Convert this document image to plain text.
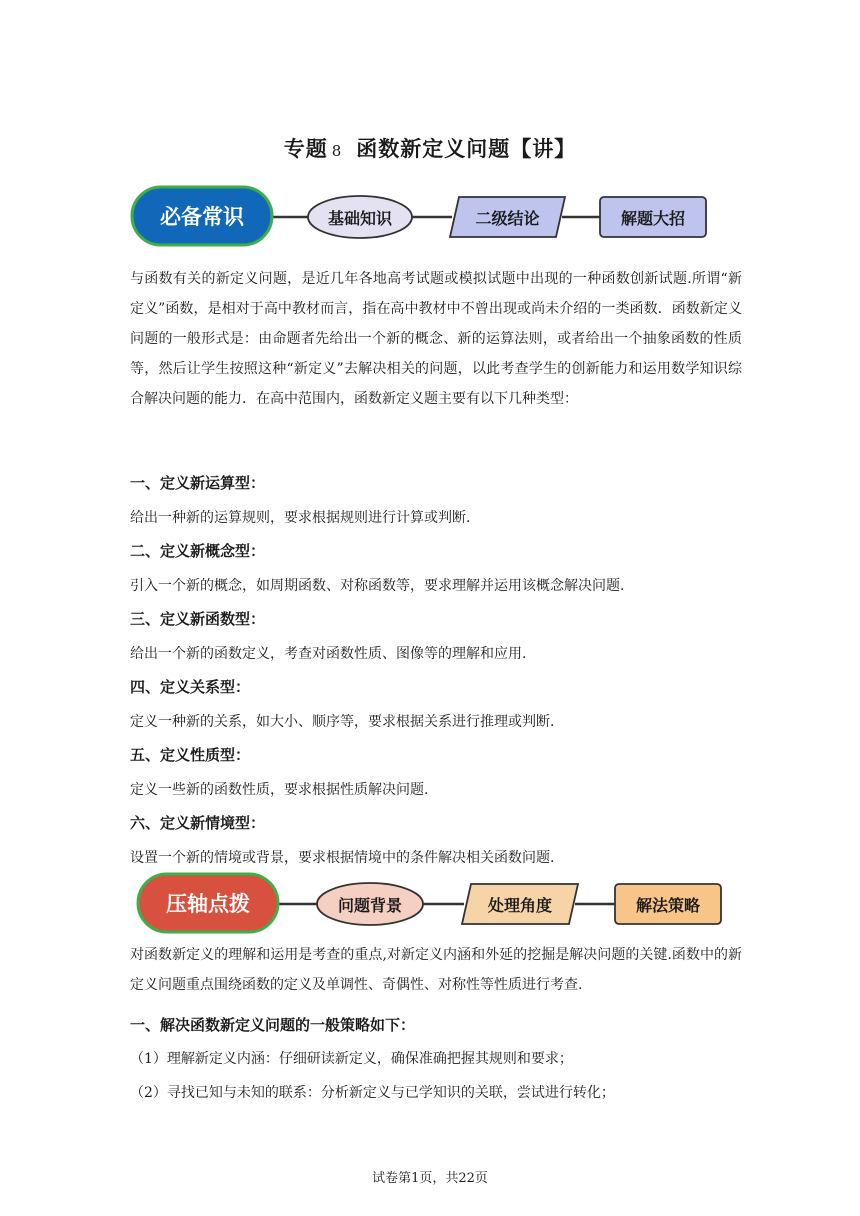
专题 8 函数新定义问题【讲】
必备常识	基础知识	二级结论	解题大招

与函数有关的新定义问题，是近几年各地高考试题或模拟试题中出现的一种函数创新试题.所谓“新定义”函数，是相对于高中教材而言，指在高中教材中不曾出现或尚未介绍的一类函数．函数新定义问题的一般形式是：由命题者先给出一个新的概念、新的运算法则，或者给出一个抽象函数的性质等，然后让学生按照这种“新定义”去解决相关的问题，以此考查学生的创新能力和运用数学知识综合解决问题的能力．在高中范围内，函数新定义题主要有以下几种类型：

一、定义新运算型：

给出一种新的运算规则，要求根据规则进行计算或判断.

二、定义新概念型：

引入一个新的概念，如周期函数、对称函数等，要求理解并运用该概念解决问题.

三、定义新函数型：

给出一个新的函数定义，考查对函数性质、图像等的理解和应用.

四、定义关系型：

定义一种新的关系，如大小、顺序等，要求根据关系进行推理或判断.

五、定义性质型：

定义一些新的函数性质，要求根据性质解决问题.

六、定义新情境型：

设置一个新的情境或背景，要求根据情境中的条件解决相关函数问题.

压轴点拨	问题背景	处理角度	解法策略

对函数新定义的理解和运用是考查的重点,对新定义内涵和外延的挖掘是解决问题的关键.函数中的新定义问题重点围绕函数的定义及单调性、奇偶性、对称性等性质进行考查.

一、解决函数新定义问题的一般策略如下：

（1）理解新定义内涵：仔细研读新定义，确保准确把握其规则和要求；

（2）寻找已知与未知的联系：分析新定义与已学知识的关联，尝试进行转化；

试卷第1页，共22页
